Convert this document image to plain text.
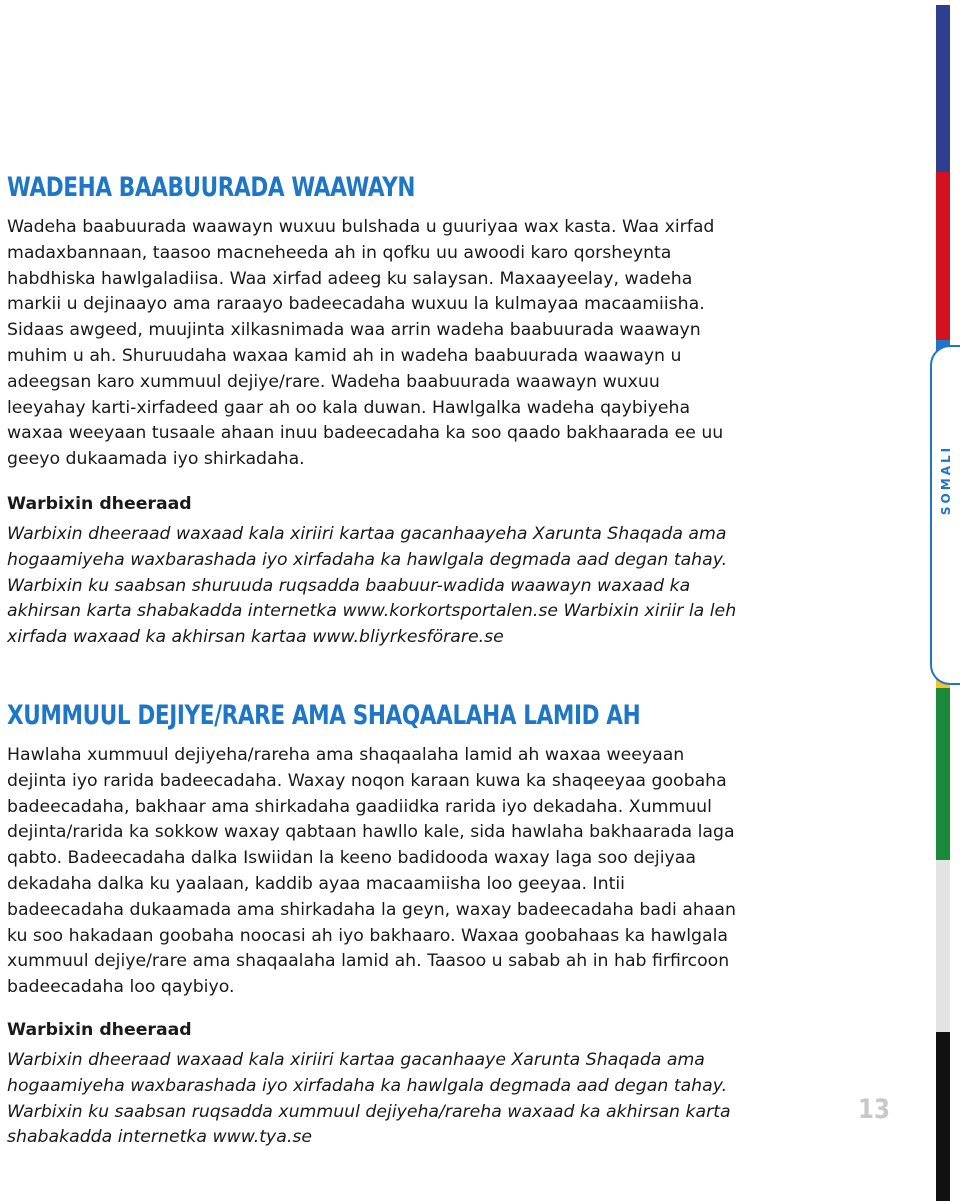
WADEHA BAABUURADA WAAWAYN

Wadeha baabuurada waawayn wuxuu bulshada u guuriyaa wax kasta. Waa xirfad madaxbannaan, taasoo macneheeda ah in qofku uu awoodi karo qorsheynta habdhiska hawlgaladiisa. Waa xirfad adeeg ku salaysan. Maxaayeelay, wadeha markii u dejinaayo ama raraayo badeecadaha wuxuu la kulmayaa macaamiisha. Sidaas awgeed, muujinta xilkasnimada waa arrin wadeha baabuurada waawayn muhim u ah. Shuruudaha waxaa kamid ah in wadeha baabuurada waawayn u adeegsan karo xummuul dejiye/rare. Wadeha baabuurada waawayn wuxuu leeyahay karti-xirfadeed gaar ah oo kala duwan. Hawlgalka wadeha qaybiyeha waxaa weeyaan tusaale ahaan inuu badeecadaha ka soo qaado bakhaarada ee uu geeyo dukaamada iyo shirkadaha.

Warbixin dheeraad

Warbixin dheeraad waxaad kala xiriiri kartaa gacanhaayeha Xarunta Shaqada ama hogaamiyeha waxbarashada iyo xirfadaha ka hawlgala degmada aad degan tahay. Warbixin ku saabsan shuruuda ruqsadda baabuur-wadida waawayn waxaad ka akhirsan karta shabakadda internetka www.korkortsportalen.se Warbixin xiriir la leh xirfada waxaad ka akhirsan kartaa www.bliyrkesförare.se

XUMMUUL DEJIYE/RARE AMA SHAQAALAHA LAMID AH

Hawlaha xummuul dejiyeha/rareha ama shaqaalaha lamid ah waxaa weeyaan dejinta iyo rarida badeecadaha. Waxay noqon karaan kuwa ka shaqeeyaa goobaha badeecadaha, bakhaar ama shirkadaha gaadiidka rarida iyo dekadaha. Xummuul dejinta/rarida ka sokkow waxay qabtaan hawllo kale, sida hawlaha bakhaarada laga qabto. Badeecadaha dalka Iswiidan la keeno badidooda waxay laga soo dejiyaa dekadaha dalka ku yaalaan, kaddib ayaa macaamiisha loo geeyaa. Intii badeecadaha dukaamada ama shirkadaha la geyn, waxay badeecadaha badi ahaan ku soo hakadaan goobaha noocasi ah iyo bakhaaro. Waxaa goobahaas ka hawlgala xummuul dejiye/rare ama shaqaalaha lamid ah. Taasoo u sabab ah in hab firfircoon badeecadaha loo qaybiyo.

Warbixin dheeraad

Warbixin dheeraad waxaad kala xiriiri kartaa gacanhaaye Xarunta Shaqada ama hogaamiyeha waxbarashada iyo xirfadaha ka hawlgala degmada aad degan tahay. Warbixin ku saabsan ruqsadda xummuul dejiyeha/rareha waxaad ka akhirsan karta shabakadda internetka www.tya.se

SOMALI
13
